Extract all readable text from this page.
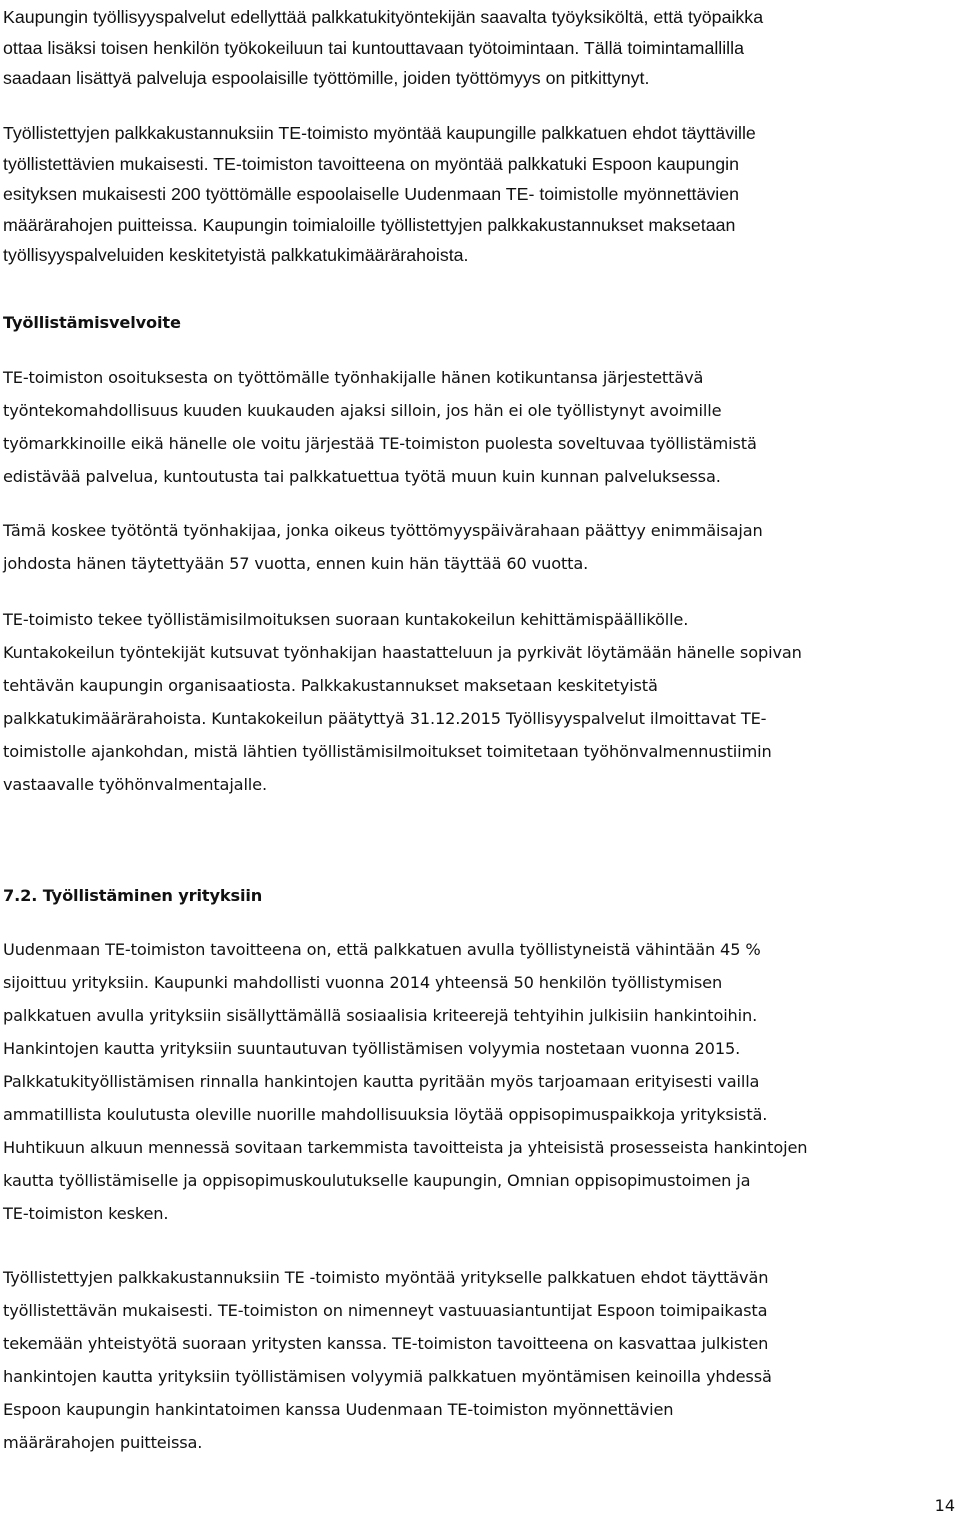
Kaupungin työllisyyspalvelut edellyttää palkkatukityöntekijän saavalta työyksiköltä, että työpaikka
ottaa lisäksi toisen henkilön työkokeiluun tai kuntouttavaan työtoimintaan. Tällä toimintamallilla
saadaan lisättyä palveluja espoolaisille työttömille, joiden työttömyys on pitkittynyt.
Työllistettyjen palkkakustannuksiin TE-toimisto myöntää kaupungille palkkatuen ehdot täyttäville
työllistettävien mukaisesti. TE-toimiston tavoitteena on myöntää palkkatuki Espoon kaupungin
esityksen mukaisesti 200 työttömälle espoolaiselle Uudenmaan TE- toimistolle myönnettävien
määrärahojen puitteissa. Kaupungin toimialoille työllistettyjen palkkakustannukset maksetaan
työllisyyspalveluiden keskitetyistä palkkatukimäärärahoista.
Työllistämisvelvoite
TE-toimiston osoituksesta on työttömälle työnhakijalle hänen kotikuntansa järjestettävä
työntekomahdollisuus kuuden kuukauden ajaksi silloin, jos hän ei ole työllistynyt avoimille
työmarkkinoille eikä hänelle ole voitu järjestää TE-toimiston puolesta soveltuvaa työllistämistä
edistävää palvelua, kuntoutusta tai palkkatuettua työtä muun kuin kunnan palveluksessa.
Tämä koskee työtöntä työnhakijaa, jonka oikeus työttömyyspäivärahaan päättyy enimmäisajan
johdosta hänen täytettyään 57 vuotta, ennen kuin hän täyttää 60 vuotta.
TE-toimisto tekee työllistämisilmoituksen suoraan kuntakokeilun kehittämispäällikölle.
Kuntakokeilun työntekijät kutsuvat työnhakijan haastatteluun ja pyrkivät löytämään hänelle sopivan
tehtävän kaupungin organisaatiosta. Palkkakustannukset maksetaan keskitetyistä
palkkatukimäärärahoista. Kuntakokeilun päätyttyä 31.12.2015 Työllisyyspalvelut ilmoittavat TE-
toimistolle ajankohdan, mistä lähtien työllistämisilmoitukset toimitetaan työhönvalmennustiimin
vastaavalle työhönvalmentajalle.
7.2. Työllistäminen yrityksiin
Uudenmaan TE-toimiston tavoitteena on, että palkkatuen avulla työllistyneistä vähintään 45 %
sijoittuu yrityksiin. Kaupunki mahdollisti vuonna 2014 yhteensä 50 henkilön työllistymisen
palkkatuen avulla yrityksiin sisällyttämällä sosiaalisia kriteerejä tehtyihin julkisiin hankintoihin.
Hankintojen kautta yrityksiin suuntautuvan työllistämisen volyymia nostetaan vuonna 2015.
Palkkatukityöllistämisen rinnalla hankintojen kautta pyritään myös tarjoamaan erityisesti vailla
ammatillista koulutusta oleville nuorille mahdollisuuksia löytää oppisopimuspaikkoja yrityksistä.
Huhtikuun alkuun mennessä sovitaan tarkemmista tavoitteista ja yhteisistä prosesseista hankintojen
kautta työllistämiselle ja oppisopimuskoulutukselle kaupungin, Omnian oppisopimustoimen ja
TE-toimiston kesken.
Työllistettyjen palkkakustannuksiin TE -toimisto myöntää yritykselle palkkatuen ehdot täyttävän
työllistettävän mukaisesti. TE-toimiston on nimenneyt vastuuasiantuntijat Espoon toimipaikasta
tekemään yhteistyötä suoraan yritysten kanssa. TE-toimiston tavoitteena on kasvattaa julkisten
hankintojen kautta yrityksiin työllistämisen volyymiä palkkatuen myöntämisen keinoilla yhdessä
Espoon kaupungin hankintatoimen kanssa Uudenmaan TE-toimiston myönnettävien
määrärahojen puitteissa.
14
